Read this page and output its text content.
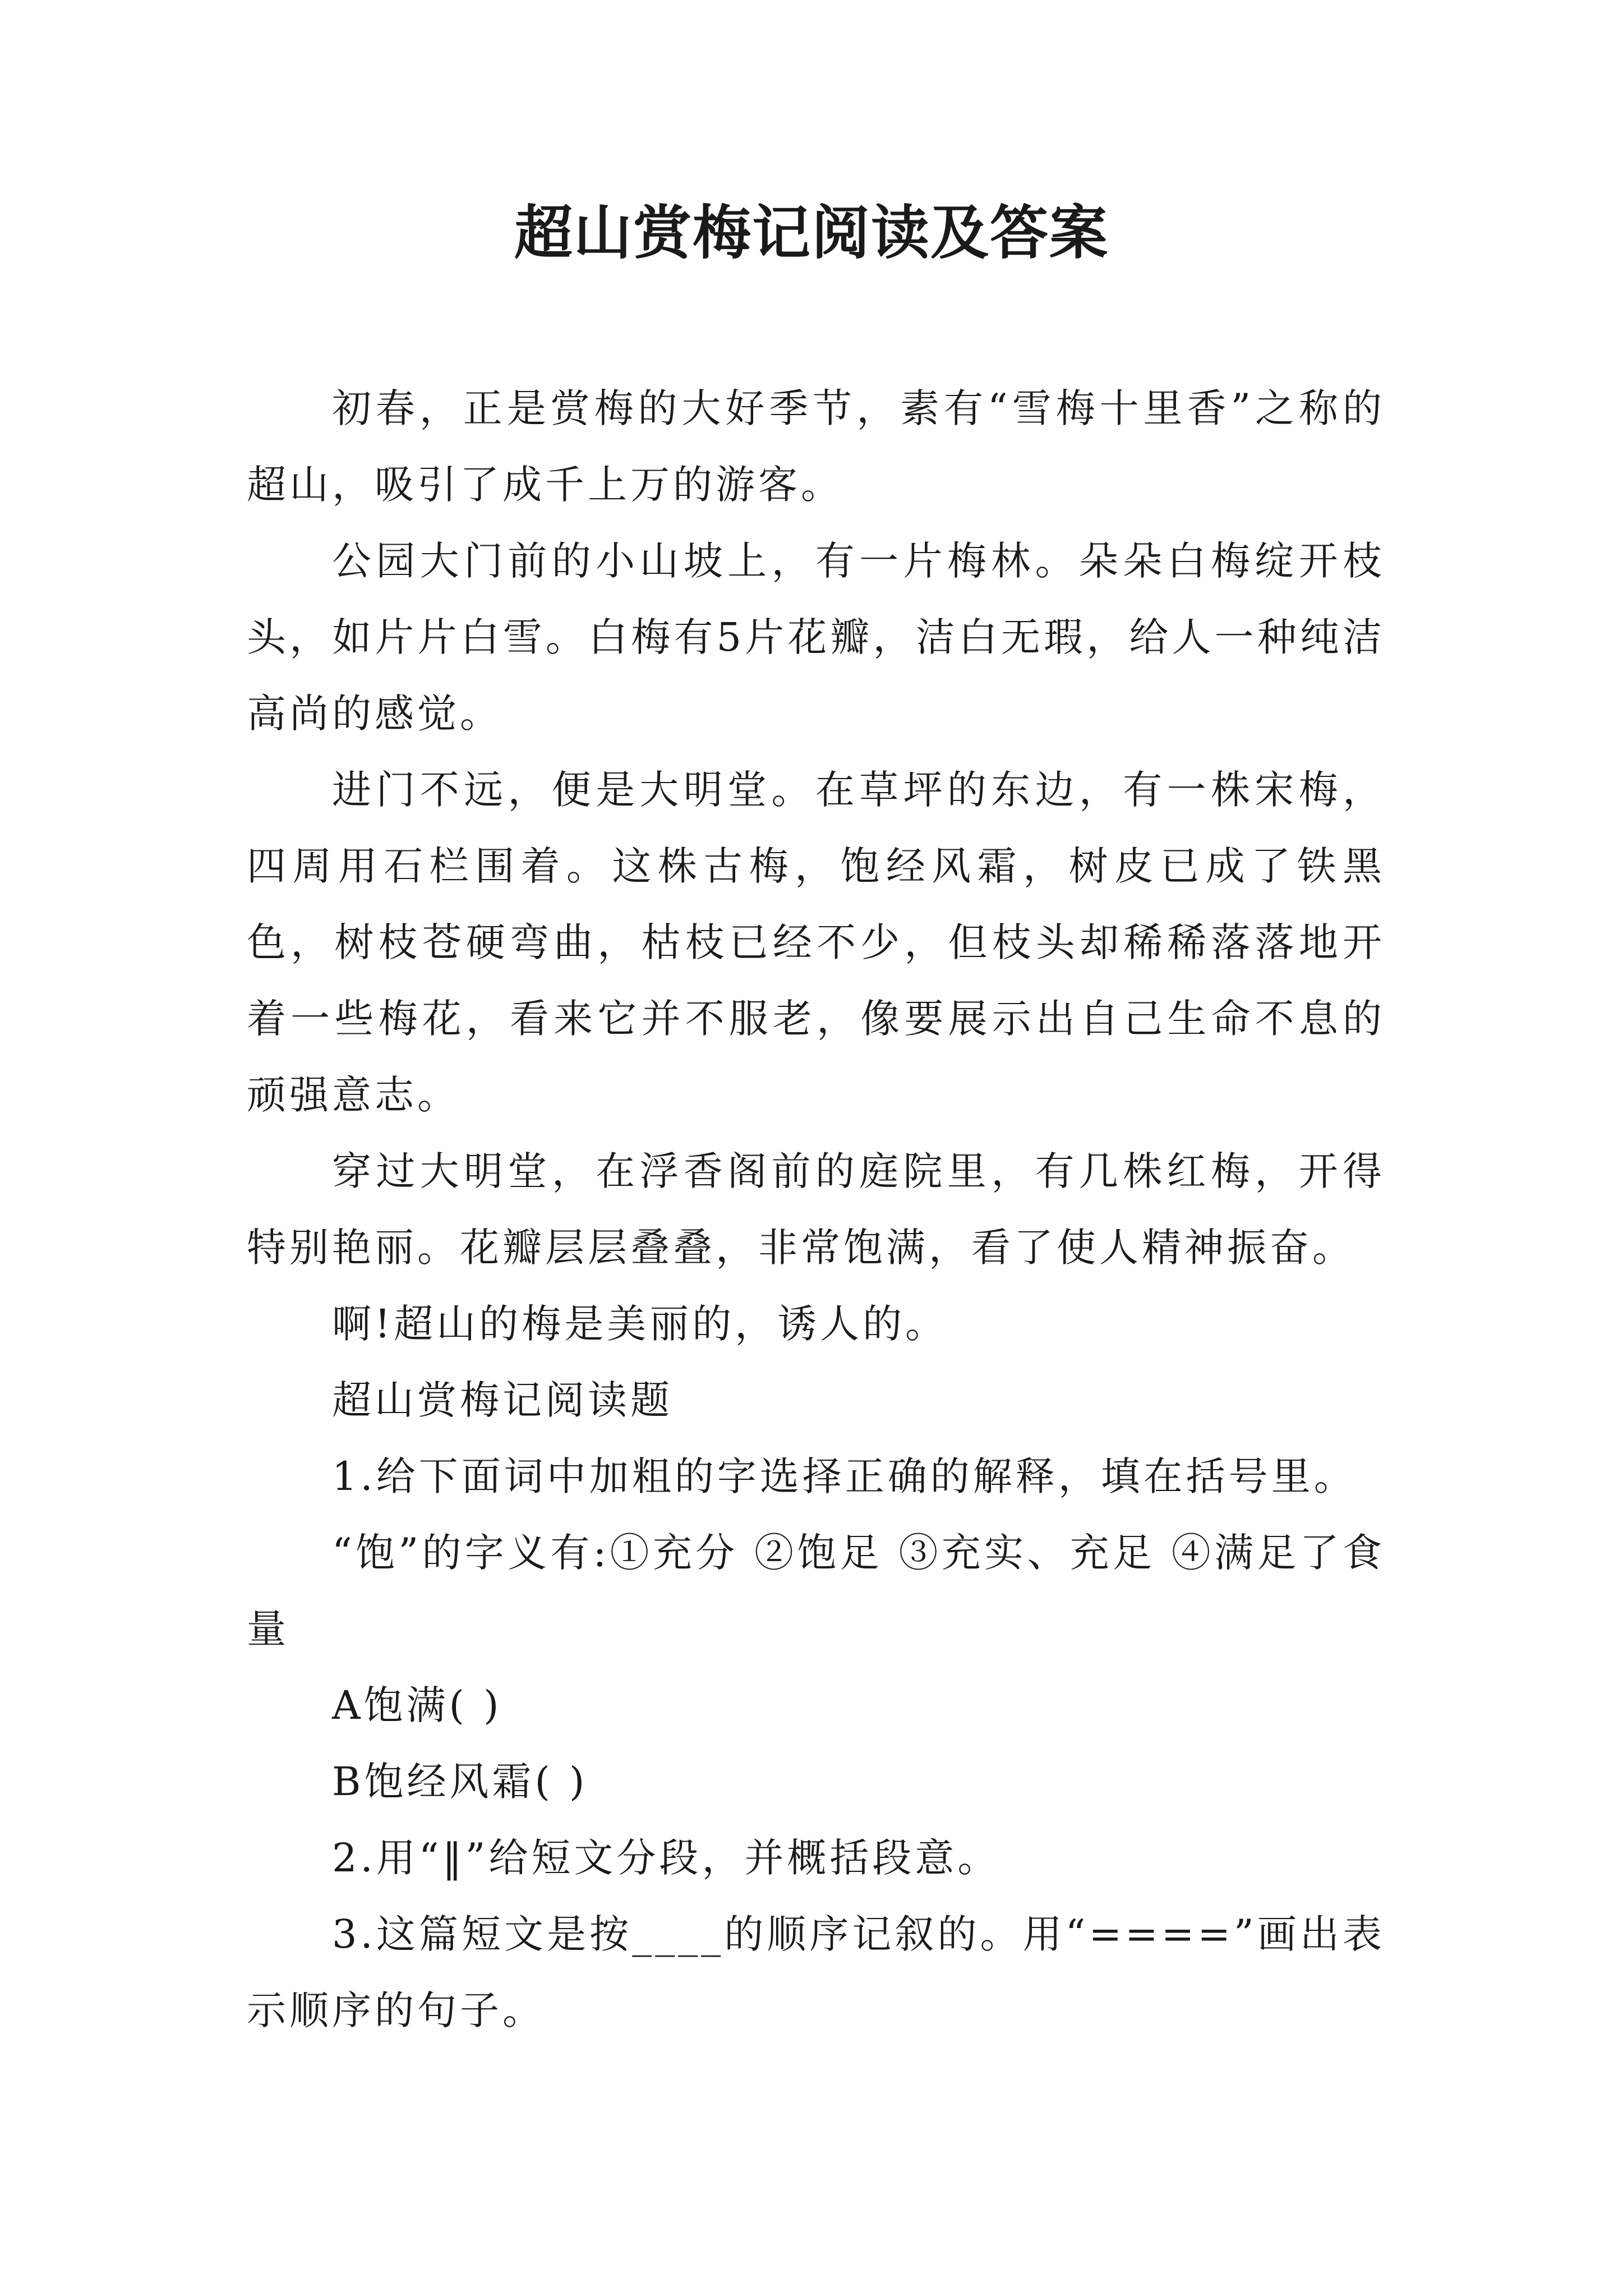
超山赏梅记阅读及答案

初春，正是赏梅的大好季节，素有“雪梅十里香”之称的超山，吸引了成千上万的游客。

公园大门前的小山坡上，有一片梅林。朵朵白梅绽开枝头，如片片白雪。白梅有5片花瓣，洁白无瑕，给人一种纯洁高尚的感觉。

进门不远，便是大明堂。在草坪的东边，有一株宋梅，四周用石栏围着。这株古梅，饱经风霜，树皮已成了铁黑色，树枝苍硬弯曲，枯枝已经不少，但枝头却稀稀落落地开着一些梅花，看来它并不服老，像要展示出自己生命不息的顽强意志。

穿过大明堂，在浮香阁前的庭院里，有几株红梅，开得特别艳丽。花瓣层层叠叠，非常饱满，看了使人精神振奋。

啊!超山的梅是美丽的，诱人的。

超山赏梅记阅读题

1.给下面词中加粗的字选择正确的解释，填在括号里。

“饱”的字义有:①充分 ②饱足 ③充实、充足 ④满足了食量

A饱满( )

B饱经风霜( )

2.用“‖”给短文分段，并概括段意。

3.这篇短文是按____的顺序记叙的。用“====”画出表示顺序的句子。
